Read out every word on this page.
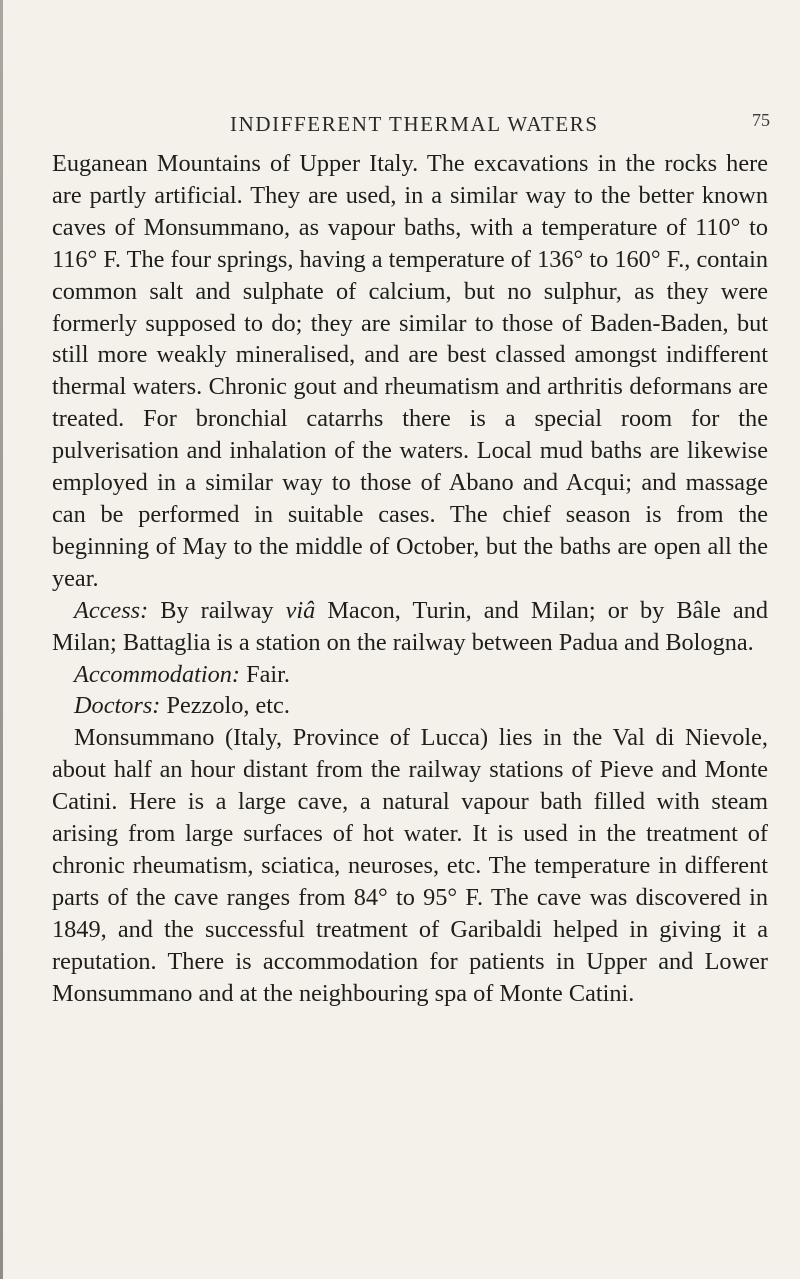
INDIFFERENT THERMAL WATERS	75

Euganean Mountains of Upper Italy. The excavations in the rocks here are partly artificial. They are used, in a similar way to the better known caves of Monsummano, as vapour baths, with a temperature of 110° to 116° F. The four springs, having a temperature of 136° to 160° F., contain common salt and sulphate of calcium, but no sulphur, as they were formerly supposed to do; they are similar to those of Baden-Baden, but still more weakly mineralised, and are best classed amongst indifferent thermal waters. Chronic gout and rheumatism and arthritis deformans are treated. For bronchial catarrhs there is a special room for the pulverisation and inhalation of the waters. Local mud baths are likewise employed in a similar way to those of Abano and Acqui; and massage can be performed in suitable cases. The chief season is from the beginning of May to the middle of October, but the baths are open all the year.

Access: By railway viâ Macon, Turin, and Milan; or by Bâle and Milan; Battaglia is a station on the railway between Padua and Bologna.

Accommodation: Fair.

Doctors: Pezzolo, etc.

Monsummano (Italy, Province of Lucca) lies in the Val di Nievole, about half an hour distant from the railway stations of Pieve and Monte Catini. Here is a large cave, a natural vapour bath filled with steam arising from large surfaces of hot water. It is used in the treatment of chronic rheumatism, sciatica, neuroses, etc. The temperature in different parts of the cave ranges from 84° to 95° F. The cave was discovered in 1849, and the successful treatment of Garibaldi helped in giving it a reputation. There is accommodation for patients in Upper and Lower Monsummano and at the neighbouring spa of Monte Catini.
